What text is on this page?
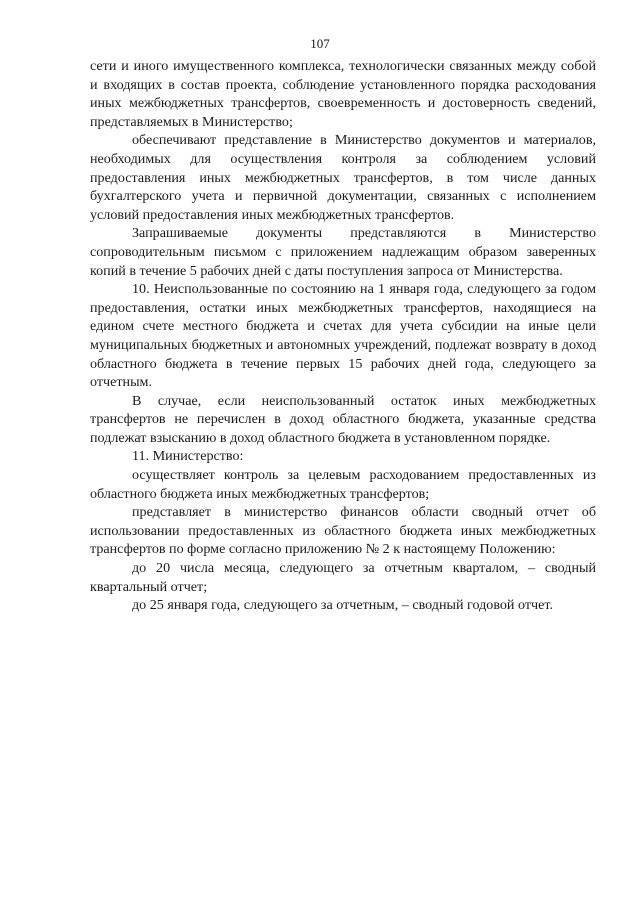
107

сети и иного имущественного комплекса, технологически связанных между собой и входящих в состав проекта, соблюдение установленного порядка расходования иных межбюджетных трансфертов, своевременность и достоверность сведений, представляемых в Министерство;

обеспечивают представление в Министерство документов и материалов, необходимых для осуществления контроля за соблюдением условий предоставления иных межбюджетных трансфертов, в том числе данных бухгалтерского учета и первичной документации, связанных с исполнением условий предоставления иных межбюджетных трансфертов.

Запрашиваемые документы представляются в Министерство сопроводительным письмом с приложением надлежащим образом заверенных копий в течение 5 рабочих дней с даты поступления запроса от Министерства.

10. Неиспользованные по состоянию на 1 января года, следующего за годом предоставления, остатки иных межбюджетных трансфертов, находящиеся на едином счете местного бюджета и счетах для учета субсидии на иные цели муниципальных бюджетных и автономных учреждений, подлежат возврату в доход областного бюджета в течение первых 15 рабочих дней года, следующего за отчетным.

В случае, если неиспользованный остаток иных межбюджетных трансфертов не перечислен в доход областного бюджета, указанные средства подлежат взысканию в доход областного бюджета в установленном порядке.

11. Министерство:

осуществляет контроль за целевым расходованием предоставленных из областного бюджета иных межбюджетных трансфертов;

представляет в министерство финансов области сводный отчет об использовании предоставленных из областного бюджета иных межбюджетных трансфертов по форме согласно приложению № 2 к настоящему Положению:

до 20 числа месяца, следующего за отчетным кварталом, – сводный квартальный отчет;

до 25 января года, следующего за отчетным, – сводный годовой отчет.
